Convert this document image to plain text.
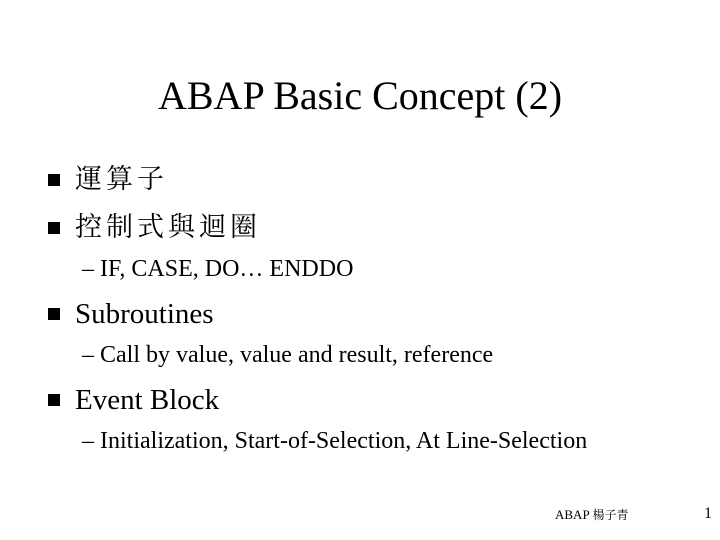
ABAP Basic Concept (2)
運算子
控制式與迴圈
– IF, CASE, DO… ENDDO
Subroutines
– Call by value, value and result, reference
Event Block
– Initialization, Start-of-Selection, At Line-Selection
ABAP 楊子青	1
